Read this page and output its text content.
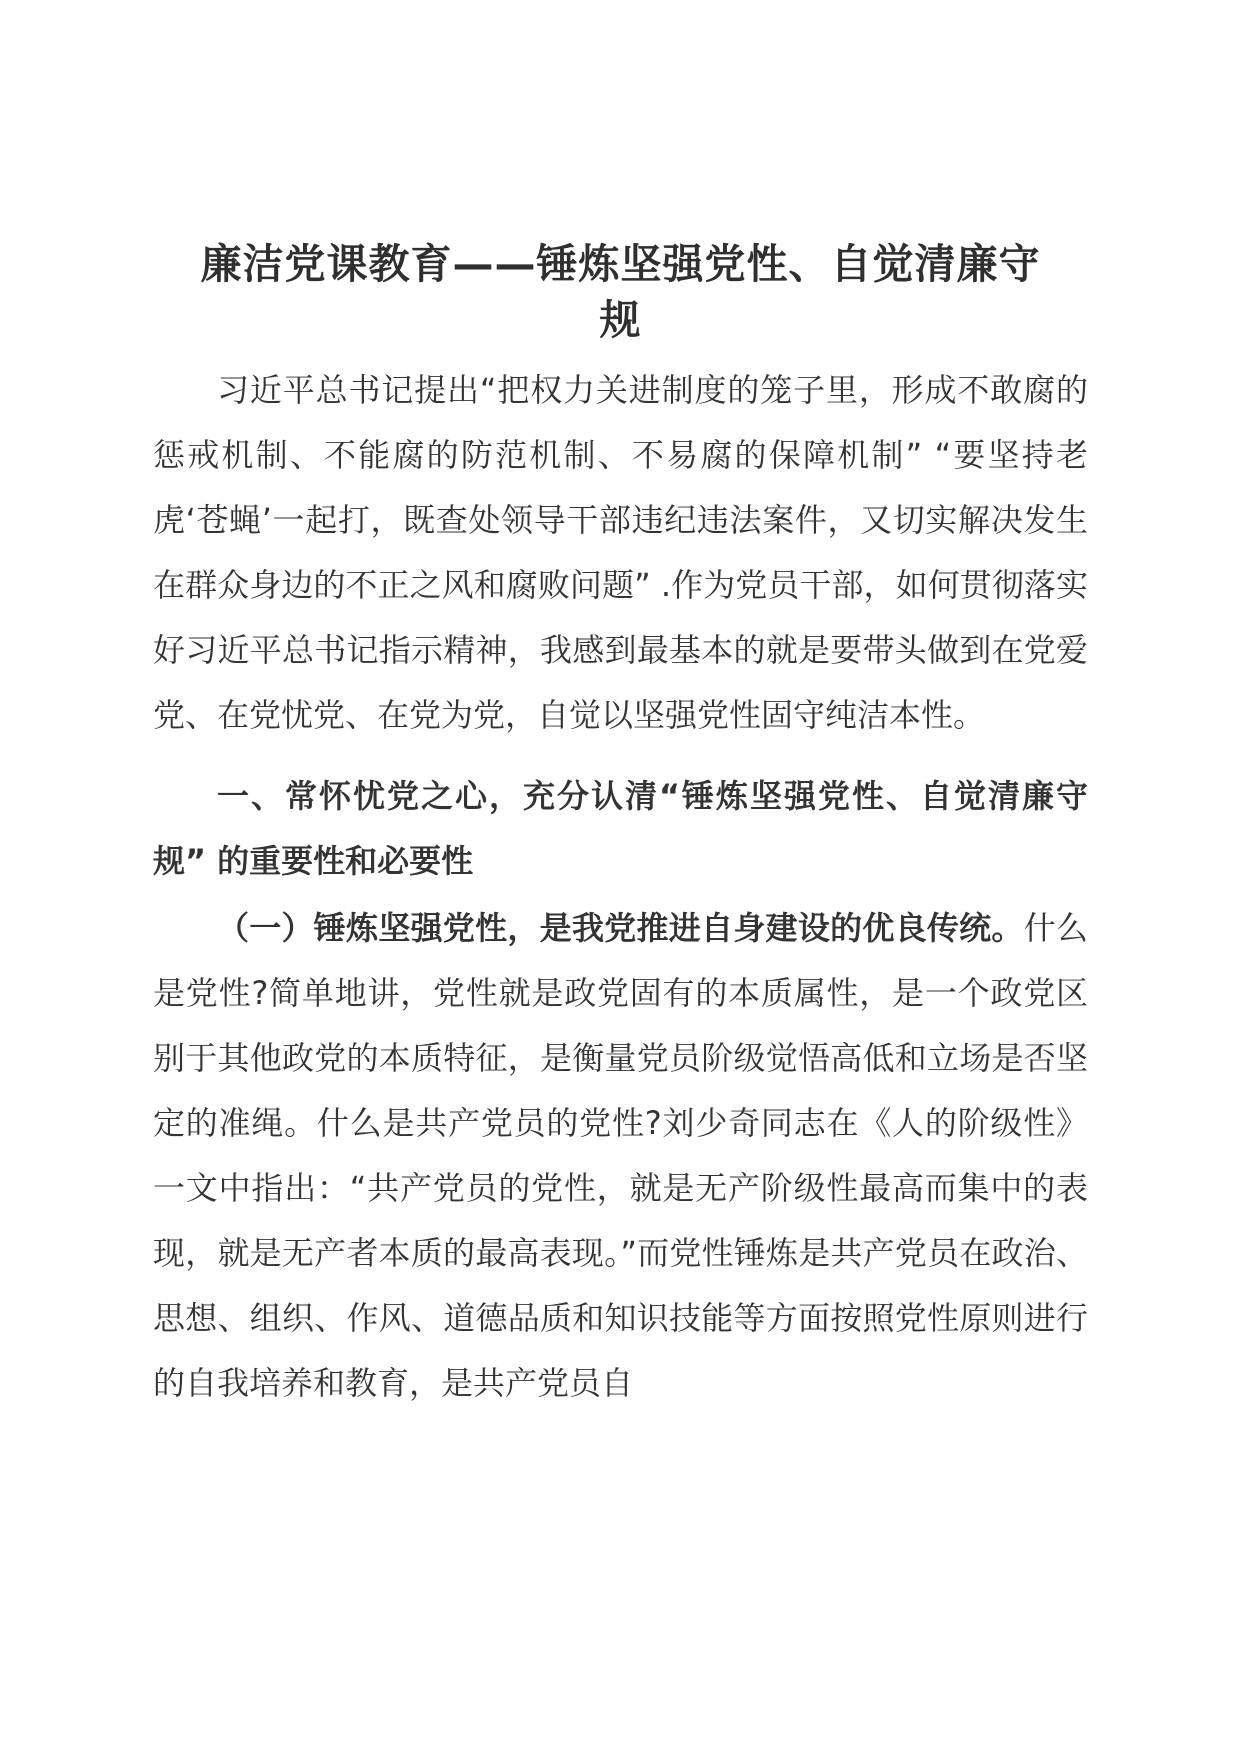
廉洁党课教育——锤炼坚强党性、自觉清廉守
规

习近平总书记提出“把权力关进制度的笼子里，形成不敢腐的惩戒机制、不能腐的防范机制、不易腐的保障机制” “要坚持老虎‘苍蝇’一起打，既查处领导干部违纪违法案件，又切实解决发生在群众身边的不正之风和腐败问题” .作为党员干部，如何贯彻落实好习近平总书记指示精神，我感到最基本的就是要带头做到在党爱党、在党忧党、在党为党，自觉以坚强党性固守纯洁本性。

一、常怀忧党之心，充分认清“锤炼坚强党性、自觉清廉守规” 的重要性和必要性

（一）锤炼坚强党性，是我党推进自身建设的优良传统。什么是党性?简单地讲，党性就是政党固有的本质属性，是一个政党区别于其他政党的本质特征，是衡量党员阶级觉悟高低和立场是否坚定的准绳。什么是共产党员的党性?刘少奇同志在《人的阶级性》一文中指出：“共产党员的党性，就是无产阶级性最高而集中的表现，就是无产者本质的最高表现。”而党性锤炼是共产党员在政治、思想、组织、作风、道德品质和知识技能等方面按照党性原则进行的自我培养和教育，是共产党员自
